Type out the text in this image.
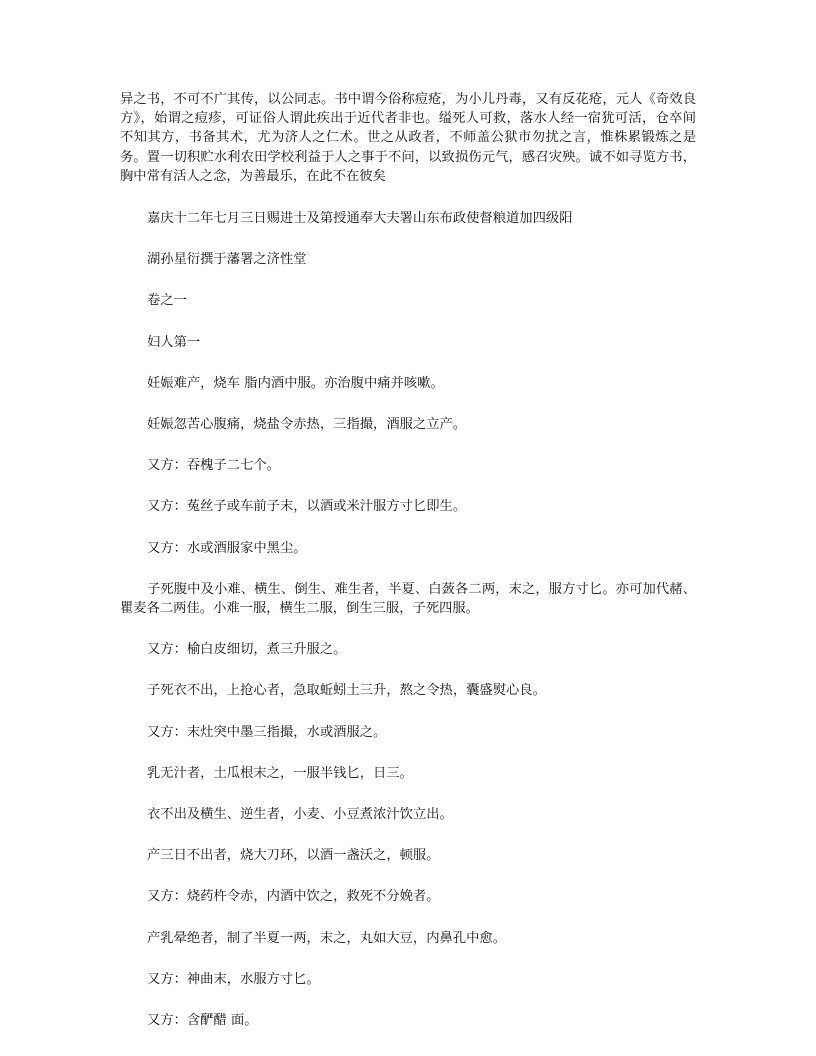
异之书，不可不广其传，以公同志。书中谓今俗称痘疮，为小儿丹毒，又有反花疮，元人《奇效良方》，始谓之痘疹，可证俗人谓此疾出于近代者非也。缢死人可救，落水人经一宿犹可活，仓卒间不知其方，书备其术，尤为济人之仁术。世之从政者，不师盖公狱市勿扰之言，惟株累锻炼之是务。置一切积贮水利农田学校利益于人之事于不问，以致损伤元气，感召灾殃。诚不如寻览方书，胸中常有活人之念，为善最乐，在此不在彼矣

嘉庆十二年七月三日赐进士及第授通奉大夫署山东布政使督粮道加四级阳

湖孙星衍撰于藩署之济性堂

卷之一

妇人第一

妊娠难产，烧车 脂内酒中服。亦治腹中痛并咳嗽。

妊娠忽苦心腹痛，烧盐令赤热，三指撮，酒服之立产。

又方：吞槐子二七个。

又方：菟丝子或车前子末，以酒或米汁服方寸匕即生。

又方：水或酒服家中黑尘。

子死腹中及小难、横生、倒生、难生者，半夏、白蔹各二两，末之，服方寸匕。亦可加代赭、瞿麦各二两佳。小难一服，横生二服，倒生三服，子死四服。

又方：榆白皮细切，煮三升服之。

子死衣不出，上抢心者，急取蚯蚓土三升，熬之令热，囊盛熨心良。

又方：末灶突中墨三指撮，水或酒服之。

乳无汁者，土瓜根末之，一服半钱匕，日三。

衣不出及横生、逆生者，小麦、小豆煮浓汁饮立出。

产三日不出者，烧大刀环，以酒一盏沃之，顿服。

又方：烧药杵令赤，内酒中饮之，救死不分娩者。

产乳晕绝者，制了半夏一两，末之，丸如大豆，内鼻孔中愈。

又方：神曲末，水服方寸匕。

又方：含酽醋 面。
